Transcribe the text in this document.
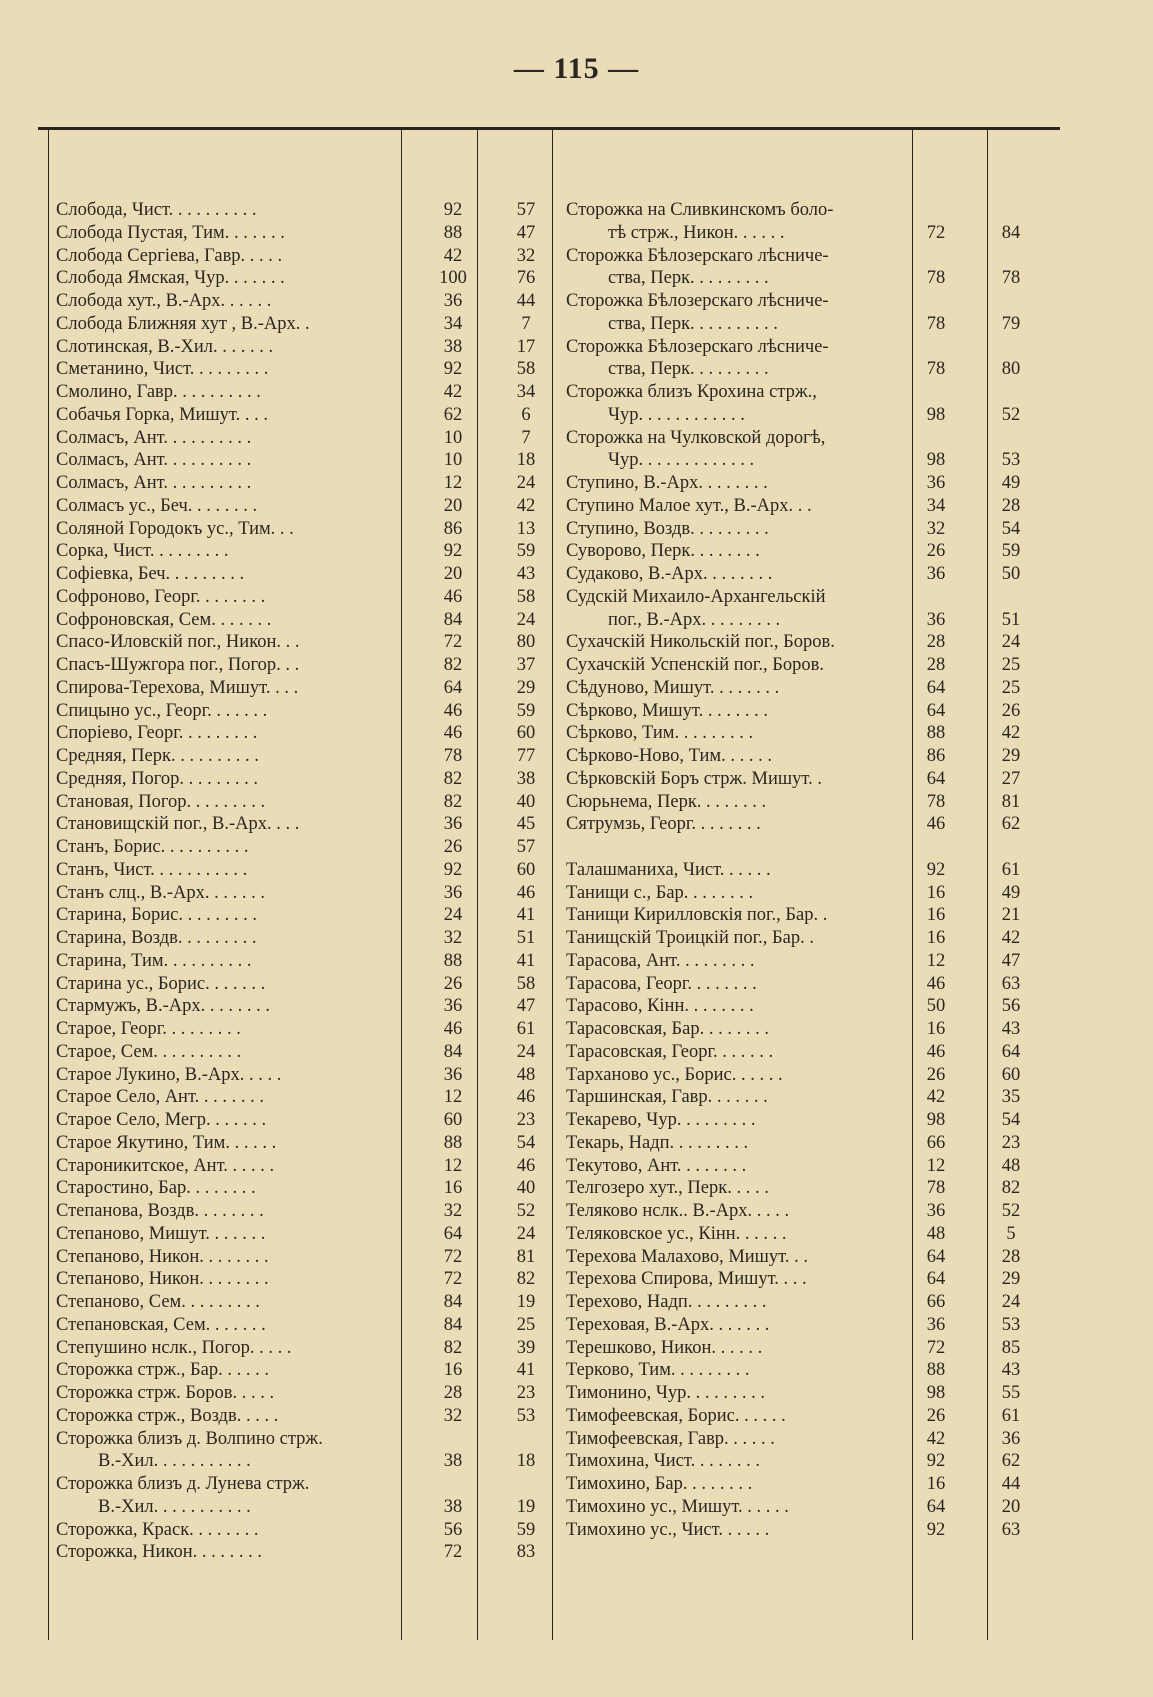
— 115 —
Слобода, Чист. . . . . . . . . .	92	57
Слобода Пустая, Тим. . . . . . .	88	47
Слобода Сергіева, Гавр. . . . .	42	32
Слобода Ямская, Чур. . . . . . .	100	76
Слобода хут., В.-Арх. . . . . .	36	44
Слобода Ближняя хут , В.-Арх. .	34	7
Слотинская, В.-Хил. . . . . . .	38	17
Сметанино, Чист. . . . . . . . .	92	58
Смолино, Гавр. . . . . . . . . .	42	34
Собачья Горка, Мишут. . . .	62	6
Солмасъ, Ант. . . . . . . . . .	10	7
Солмасъ, Ант. . . . . . . . . .	10	18
Солмасъ, Ант. . . . . . . . . .	12	24
Солмасъ ус., Беч. . . . . . . .	20	42
Соляной Городокъ ус., Тим. . .	86	13
Сорка, Чист. . . . . . . . .	92	59
Софіевка, Беч. . . . . . . . .	20	43
Софроново, Георг. . . . . . . .	46	58
Софроновская, Сем. . . . . . .	84	24
Спасо-Иловскій пог., Никон. . .	72	80
Спасъ-Шужгора пог., Погор. . .	82	37
Спирова-Терехова, Мишут. . . .	64	29
Спицыно ус., Георг. . . . . . .	46	59
Споріево, Георг. . . . . . . . .	46	60
Средняя, Перк. . . . . . . . . .	78	77
Средняя, Погор. . . . . . . . .	82	38
Становая, Погор. . . . . . . . .	82	40
Становищскій пог., В.-Арх. . . .	36	45
Станъ, Борис. . . . . . . . . .	26	57
Станъ, Чист. . . . . . . . . . .	92	60
Станъ слц., В.-Арх. . . . . . .	36	46
Старина, Борис. . . . . . . . .	24	41
Старина, Воздв. . . . . . . . .	32	51
Старина, Тим. . . . . . . . . .	88	41
Старина ус., Борис. . . . . . .	26	58
Стармужъ, В.-Арх. . . . . . . .	36	47
Старое, Георг. . . . . . . . .	46	61
Старое, Сем. . . . . . . . . .	84	24
Старое Лукино, В.-Арх. . . . .	36	48
Старое Село, Ант. . . . . . . .	12	46
Старое Село, Мегр. . . . . . .	60	23
Старое Якутино, Тим. . . . . .	88	54
Староникитское, Ант. . . . . .	12	46
Старостино, Бар. . . . . . . .	16	40
Степанова, Воздв. . . . . . . .	32	52
Степаново, Мишут. . . . . . .	64	24
Степаново, Никон. . . . . . . .	72	81
Степаново, Никон. . . . . . . .	72	82
Степаново, Сем. . . . . . . . .	84	19
Степановская, Сем. . . . . . .	84	25
Степушино нслк., Погор. . . . .	82	39
Сторожка стрж., Бар. . . . . .	16	41
Сторожка стрж. Боров. . . . .	28	23
Сторожка стрж., Воздв. . . . .	32	53
Сторожка близъ д. Волпино стрж.
В.-Хил. . . . . . . . . . .	38	18
Сторожка близъ д. Лунева стрж.
В.-Хил. . . . . . . . . . .	38	19
Сторожка, Краск. . . . . . . .	56	59
Сторожка, Никон. . . . . . . .	72	83
Сторожка на Сливкинскомъ боло-
тѣ стрж., Никон. . . . . .	72	84
Сторожка Бѣлозерскаго лѣсниче-
ства, Перк. . . . . . . . .	78	78
Сторожка Бѣлозерскаго лѣсниче-
ства, Перк. . . . . . . . . .	78	79
Сторожка Бѣлозерскаго лѣсниче-
ства, Перк. . . . . . . . .	78	80
Сторожка близъ Крохина стрж.,
Чур. . . . . . . . . . . .	98	52
Сторожка на Чулковской дорогѣ,
Чур. . . . . . . . . . . . .	98	53
Ступино, В.-Арх. . . . . . . .	36	49
Ступино Малое хут., В.-Арх. . .	34	28
Ступино, Воздв. . . . . . . . .	32	54
Суворово, Перк. . . . . . . .	26	59
Судаково, В.-Арх. . . . . . . .	36	50
Судскій Михаило-Архангельскій
пог., В.-Арх. . . . . . . . .	36	51
Сухачскій Никольскій пог., Боров.	28	24
Сухачскій Успенскій пог., Боров.	28	25
Сѣдуново, Мишут. . . . . . . .	64	25
Сѣрково, Мишут. . . . . . . .	64	26
Сѣрково, Тим. . . . . . . . .	88	42
Сѣрково-Ново, Тим. . . . . .	86	29
Сѣрковскій Боръ стрж. Мишут. .	64	27
Сюрьнема, Перк. . . . . . . .	78	81
Сятрумзь, Георг. . . . . . . .	46	62
Талашманиха, Чист. . . . . .	92	61
Танищи с., Бар. . . . . . . .	16	49
Танищи Кирилловскія пог., Бар. .	16	21
Танищскій Троицкій пог., Бар. .	16	42
Тарасова, Ант. . . . . . . . .	12	47
Тарасова, Георг. . . . . . . .	46	63
Тарасово, Кінн. . . . . . . .	50	56
Тарасовская, Бар. . . . . . . .	16	43
Тарасовская, Георг. . . . . . .	46	64
Тарханово ус., Борис. . . . . .	26	60
Таршинская, Гавр. . . . . . .	42	35
Текарево, Чур. . . . . . . . .	98	54
Текарь, Надп. . . . . . . . .	66	23
Текутово, Ант. . . . . . . .	12	48
Телгозеро хут., Перк. . . . .	78	82
Теляково нслк.. В.-Арх. . . . .	36	52
Теляковское ус., Кінн. . . . . .	48	5
Терехова Малахово, Мишут. . .	64	28
Терехова Спирова, Мишут. . . .	64	29
Терехово, Надп. . . . . . . . .	66	24
Тереховая, В.-Арх. . . . . . .	36	53
Терешково, Никон. . . . . .	72	85
Терково, Тим. . . . . . . . .	88	43
Тимонино, Чур. . . . . . . . .	98	55
Тимофеевская, Борис. . . . . .	26	61
Тимофеевская, Гавр. . . . . .	42	36
Тимохина, Чист. . . . . . . .	92	62
Тимохино, Бар. . . . . . . .	16	44
Тимохино ус., Мишут. . . . . .	64	20
Тимохино ус., Чист. . . . . .	92	63
